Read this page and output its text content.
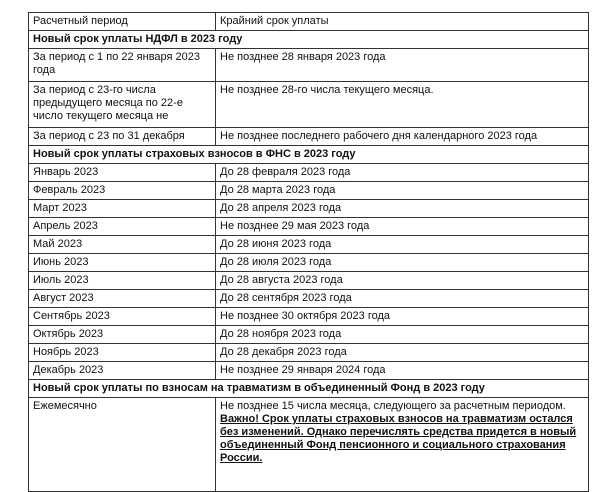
Расчетный период	Крайний срок уплаты
Новый срок уплаты НДФЛ в 2023 году	
За период с 1 по 22 января 2023 года	Не позднее 28 января 2023 года
За период с 23-го числа предыдущего месяца по 22-е число текущего месяца не	Не позднее 28-го числа текущего месяца.
За период с 23 по 31 декабря	Не позднее последнего рабочего дня календарного 2023 года
Новый срок уплаты страховых взносов в ФНС в 2023 году	
Январь 2023	До 28 февраля 2023 года
Февраль 2023	До 28 марта 2023 года
Март 2023	До 28 апреля 2023 года
Апрель 2023	Не позднее 29 мая 2023 года
Май 2023	До 28 июня 2023 года
Июнь 2023	До 28 июля 2023 года
Июль 2023	До 28 августа 2023 года
Август 2023	До 28 сентября 2023 года
Сентябрь 2023	Не позднее 30 октября 2023 года
Октябрь 2023	До 28 ноября 2023 года
Ноябрь 2023	До 28 декабря 2023 года
Декабрь 2023	Не позднее 29 января 2024 года
Новый срок уплаты по взносам на травматизм в объединенный Фонд в 2023 году	
Ежемесячно	Не позднее 15 числа месяца, следующего за расчетным периодом.
Важно! Срок уплаты страховых взносов на травматизм остался без изменений. Однако перечислять средства придется в новый объединенный Фонд пенсионного и социального страхования России.
